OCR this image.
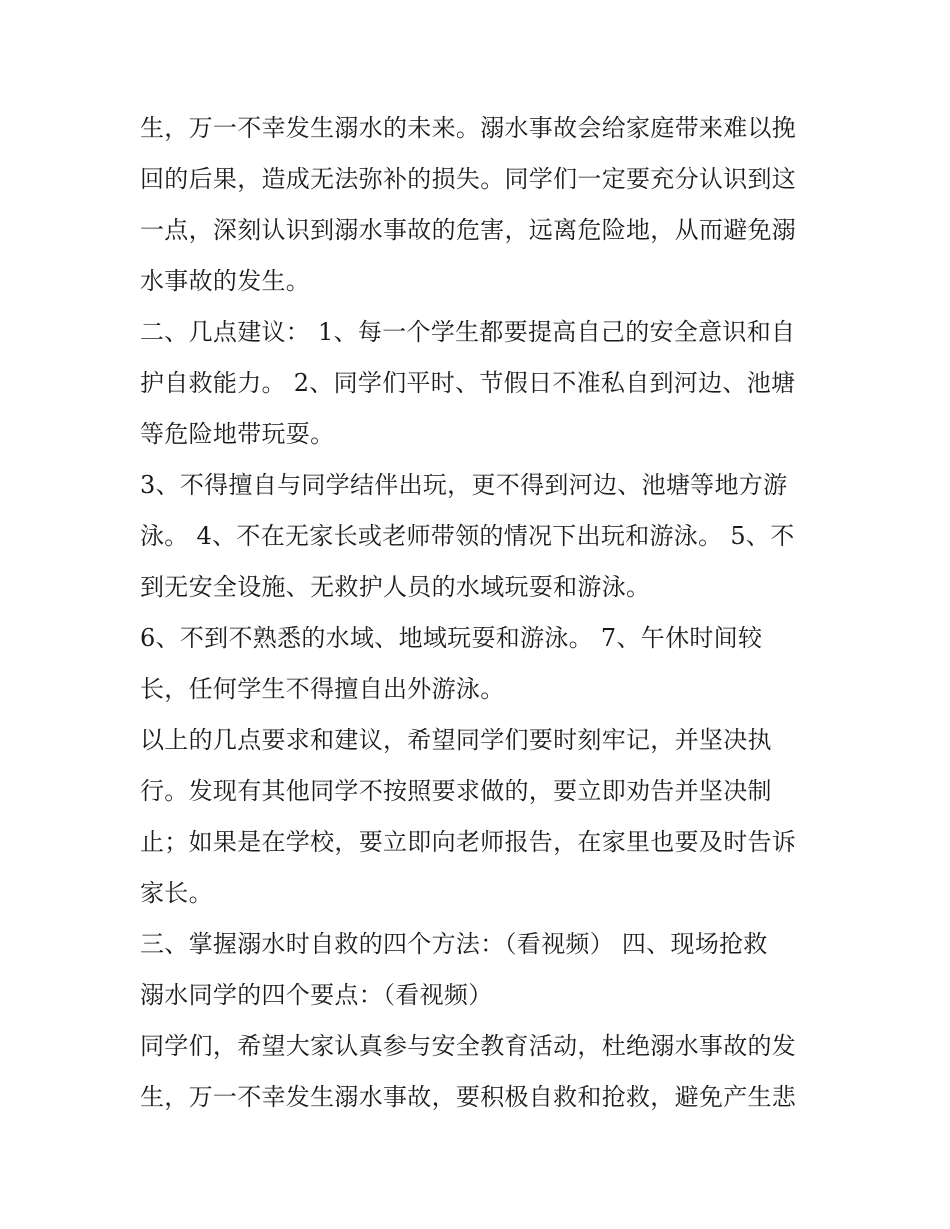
生，万一不幸发生溺水的未来。溺水事故会给家庭带来难以挽
回的后果，造成无法弥补的损失。同学们一定要充分认识到这
一点，深刻认识到溺水事故的危害，远离危险地，从而避免溺
水事故的发生。
二、几点建议： 1、每一个学生都要提高自己的安全意识和自
护自救能力。 2、同学们平时、节假日不准私自到河边、池塘
等危险地带玩耍。
3、不得擅自与同学结伴出玩，更不得到河边、池塘等地方游
泳。 4、不在无家长或老师带领的情况下出玩和游泳。 5、不
到无安全设施、无救护人员的水域玩耍和游泳。
6、不到不熟悉的水域、地域玩耍和游泳。 7、午休时间较
长，任何学生不得擅自出外游泳。
以上的几点要求和建议，希望同学们要时刻牢记，并坚决执
行。发现有其他同学不按照要求做的，要立即劝告并坚决制
止；如果是在学校，要立即向老师报告，在家里也要及时告诉
家长。
三、掌握溺水时自救的四个方法：（看视频） 四、现场抢救
溺水同学的四个要点：（看视频）
同学们，希望大家认真参与安全教育活动，杜绝溺水事故的发
生，万一不幸发生溺水事故，要积极自救和抢救，避免产生悲
